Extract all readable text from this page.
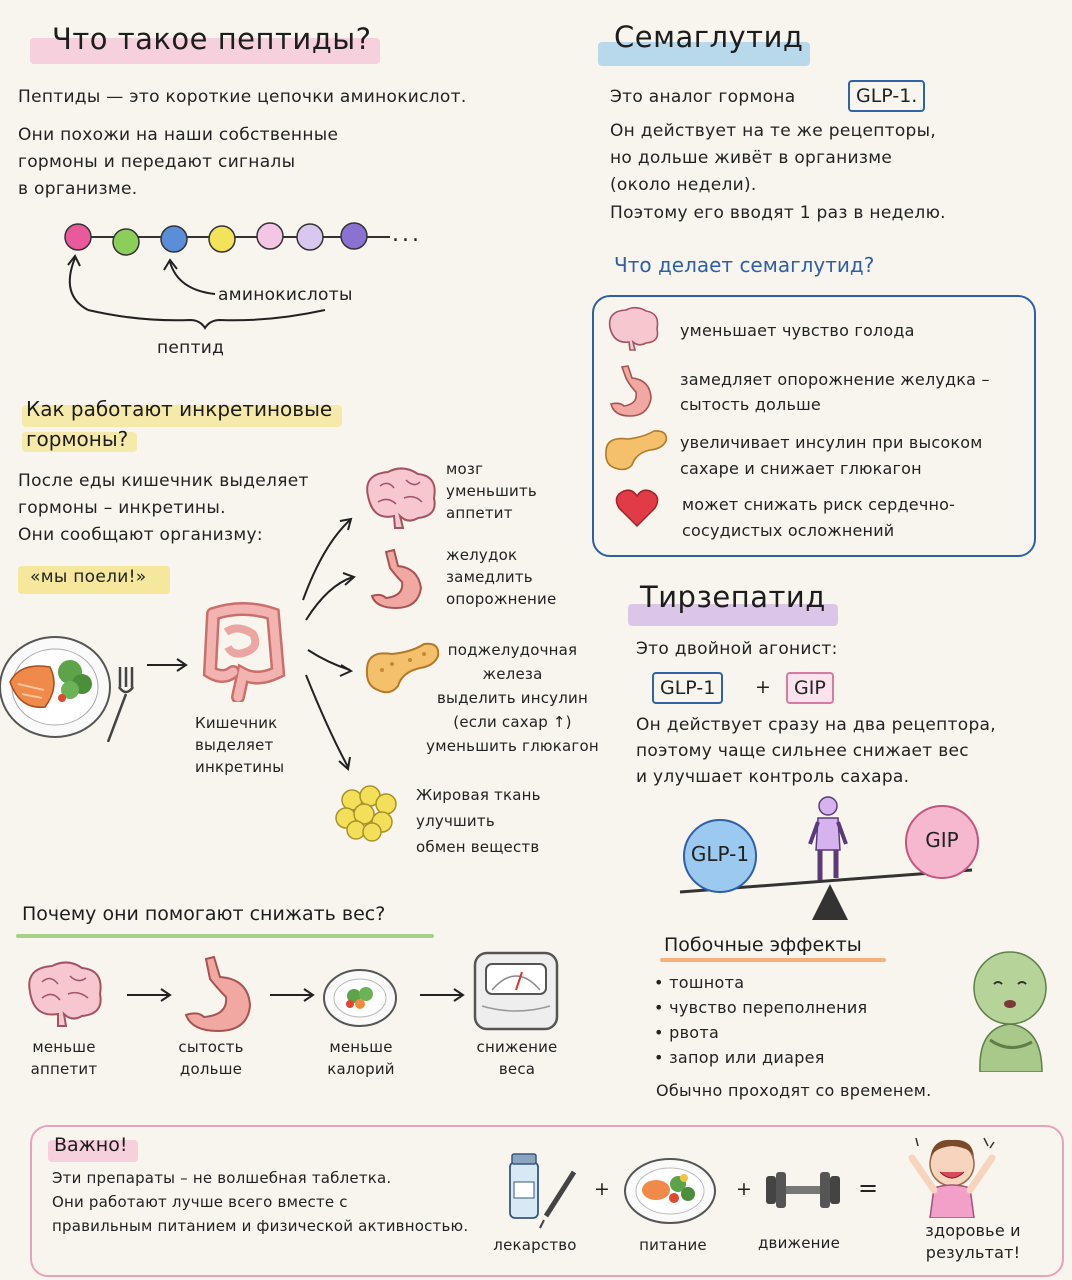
Что такое пептиды?
Пептиды — это короткие цепочки аминокислот.
Они похожи на наши собственные
гормоны и передают сигналы
в организме.
...
аминокислоты
пептид
Как работают инкретиновые
гормоны?
После еды кишечник выделяет
гормоны – инкретины.
Они сообщают организму:
«мы поели!»
Кишечник
выделяет
инкретины
мозг
уменьшить
аппетит
желудок
замедлить
опорожнение
поджелудочная
железа
выделить инсулин
(если сахар ↑)
уменьшить глюкагон
Жировая ткань
улучшить
обмен веществ
Почему они помогают снижать вес?
меньше
аппетит
сытость
дольше
меньше
калорий
снижение
веса
Семаглутид
Это аналог гормона	GLP-1.
Он действует на те же рецепторы,
но дольше живёт в организме
(около недели).
Поэтому его вводят 1 раз в неделю.
Что делает семаглутид?
уменьшает чувство голода
замедляет опорожнение желудка –
сытость дольше
увеличивает инсулин при высоком
сахаре и снижает глюкагон
может снижать риск сердечно-
сосудистых осложнений
Тирзепатид
Это двойной агонист:
GLP-1	+	GIP
Он действует сразу на два рецептора,
поэтому чаще сильнее снижает вес
и улучшает контроль сахара.
GLP-1
GIP
Побочные эффекты
• тошнота
• чувство переполнения
• рвота
• запор или диарея
Обычно проходят со временем.
Важно!
Эти препараты – не волшебная таблетка.
Они работают лучше всего вместе с
правильным питанием и физической активностью.
+	+	=
лекарство	питание	движение
здоровье и
результат!
